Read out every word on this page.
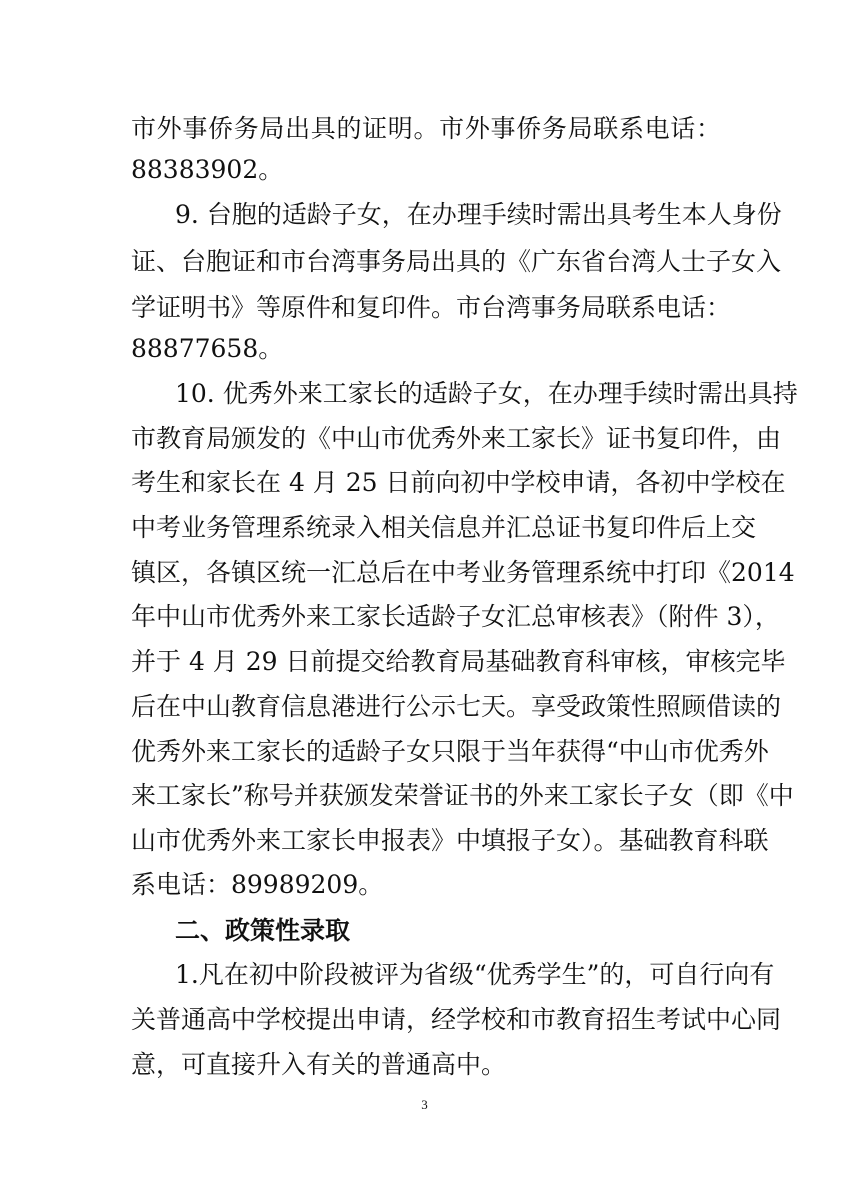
市外事侨务局出具的证明。市外事侨务局联系电话：
88383902。
9. 台胞的适龄子女，在办理手续时需出具考生本人身份
证、台胞证和市台湾事务局出具的《广东省台湾人士子女入
学证明书》等原件和复印件。市台湾事务局联系电话：
88877658。
10. 优秀外来工家长的适龄子女，在办理手续时需出具持
市教育局颁发的《中山市优秀外来工家长》证书复印件，由
考生和家长在 4 月 25 日前向初中学校申请，各初中学校在
中考业务管理系统录入相关信息并汇总证书复印件后上交
镇区，各镇区统一汇总后在中考业务管理系统中打印《2014
年中山市优秀外来工家长适龄子女汇总审核表》（附件 3），
并于 4 月 29 日前提交给教育局基础教育科审核，审核完毕
后在中山教育信息港进行公示七天。享受政策性照顾借读的
优秀外来工家长的适龄子女只限于当年获得“中山市优秀外
来工家长”称号并获颁发荣誉证书的外来工家长子女（即《中
山市优秀外来工家长申报表》中填报子女）。基础教育科联
系电话：89989209。
二、政策性录取
1.凡在初中阶段被评为省级“优秀学生”的，可自行向有
关普通高中学校提出申请，经学校和市教育招生考试中心同
意，可直接升入有关的普通高中。
3
